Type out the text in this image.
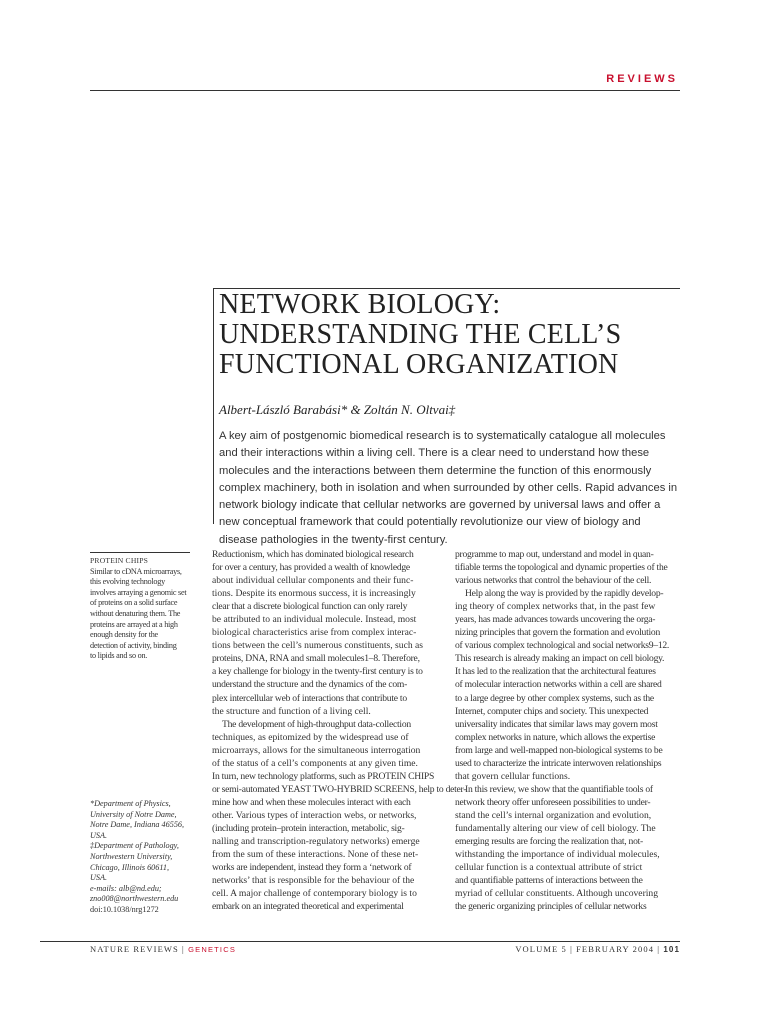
REVIEWS
NETWORK BIOLOGY:
UNDERSTANDING THE CELL’S
FUNCTIONAL ORGANIZATION
Albert-László Barabási* & Zoltán N. Oltvai‡
A key aim of postgenomic biomedical research is to systematically catalogue all molecules and their interactions within a living cell. There is a clear need to understand how these molecules and the interactions between them determine the function of this enormously complex machinery, both in isolation and when surrounded by other cells. Rapid advances in network biology indicate that cellular networks are governed by universal laws and offer a new conceptual framework that could potentially revolutionize our view of biology and disease pathologies in the twenty-first century.
PROTEIN CHIPS
Similar to cDNA microarrays,
this evolving technology
involves arraying a genomic set
of proteins on a solid surface
without denaturing them. The
proteins are arrayed at a high
enough density for the
detection of activity, binding
to lipids and so on.
*Department of Physics,
University of Notre Dame,
Notre Dame, Indiana 46556,
USA.
‡Department of Pathology,
Northwestern University,
Chicago, Illinois 60611,
USA.
e-mails: alb@nd.edu;
zno008@northwestern.edu
doi:10.1038/nrg1272
Reductionism, which has dominated biological research
for over a century, has provided a wealth of knowledge
about individual cellular components and their func-
tions. Despite its enormous success, it is increasingly
clear that a discrete biological function can only rarely
be attributed to an individual molecule. Instead, most
biological characteristics arise from complex interac-
tions between the cell’s numerous constituents, such as
proteins, DNA, RNA and small molecules1–8. Therefore,
a key challenge for biology in the twenty-first century is to
understand the structure and the dynamics of the com-
plex intercellular web of interactions that contribute to
the structure and function of a living cell.
The development of high-throughput data-collection
techniques, as epitomized by the widespread use of
microarrays, allows for the simultaneous interrogation
of the status of a cell’s components at any given time.
In turn, new technology platforms, such as PROTEIN CHIPS
or semi-automated YEAST TWO-HYBRID SCREENS, help to deter-
mine how and when these molecules interact with each
other. Various types of interaction webs, or networks,
(including protein–protein interaction, metabolic, sig-
nalling and transcription-regulatory networks) emerge
from the sum of these interactions. None of these net-
works are independent, instead they form a ‘network of
networks’ that is responsible for the behaviour of the
cell. A major challenge of contemporary biology is to
embark on an integrated theoretical and experimental
programme to map out, understand and model in quan-
tifiable terms the topological and dynamic properties of the
various networks that control the behaviour of the cell.
Help along the way is provided by the rapidly develop-
ing theory of complex networks that, in the past few
years, has made advances towards uncovering the orga-
nizing principles that govern the formation and evolution
of various complex technological and social networks9–12.
This research is already making an impact on cell biology.
It has led to the realization that the architectural features
of molecular interaction networks within a cell are shared
to a large degree by other complex systems, such as the
Internet, computer chips and society. This unexpected
universality indicates that similar laws may govern most
complex networks in nature, which allows the expertise
from large and well-mapped non-biological systems to be
used to characterize the intricate interwoven relationships
that govern cellular functions.
In this review, we show that the quantifiable tools of
network theory offer unforeseen possibilities to under-
stand the cell’s internal organization and evolution,
fundamentally altering our view of cell biology. The
emerging results are forcing the realization that, not-
withstanding the importance of individual molecules,
cellular function is a contextual attribute of strict
and quantifiable patterns of interactions between the
myriad of cellular constituents. Although uncovering
the generic organizing principles of cellular networks
NATURE REVIEWS | GENETICS	VOLUME 5 | FEBRUARY 2004 | 101
